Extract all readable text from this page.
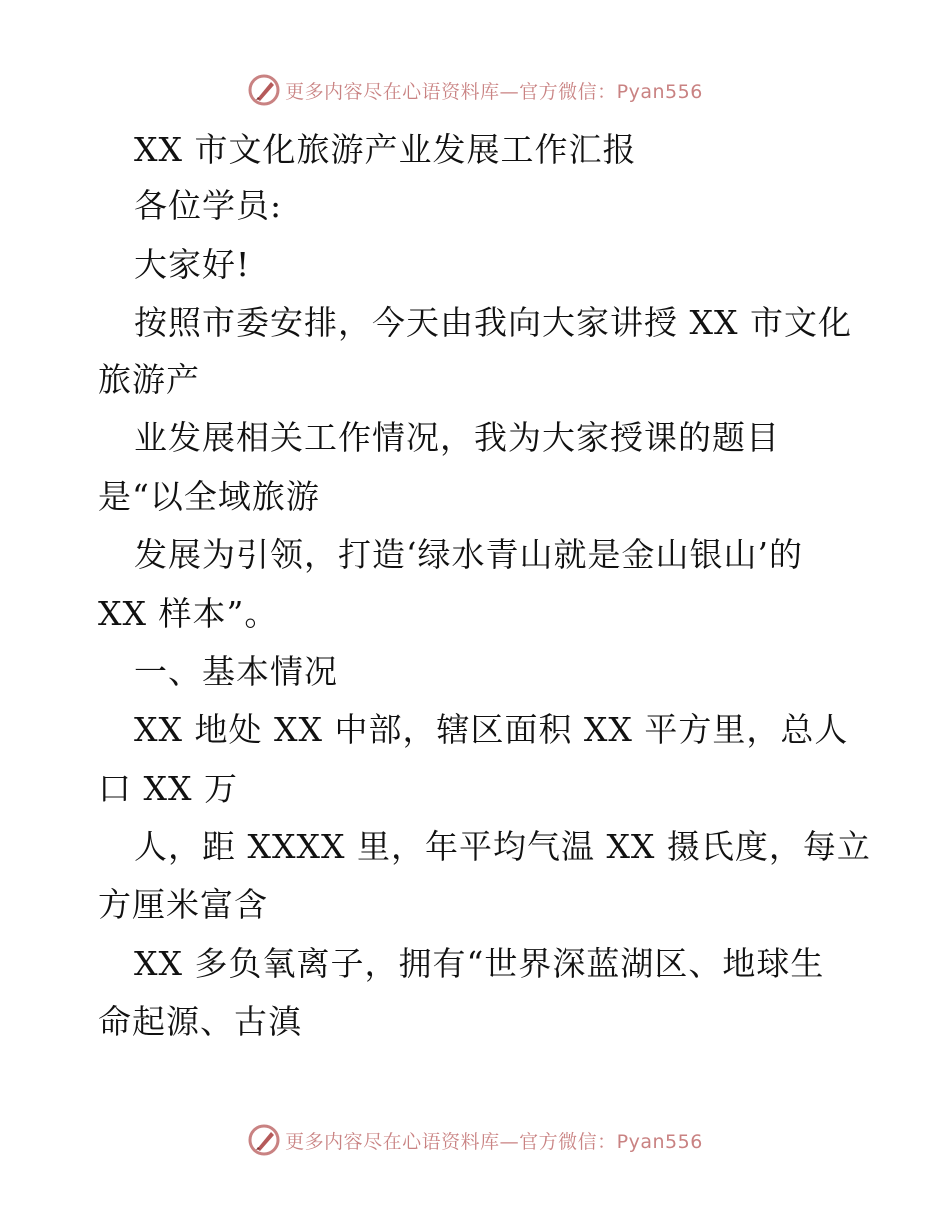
更多内容尽在心语资料库—官方微信：Pyan556
XX 市文化旅游产业发展工作汇报
各位学员:
大家好!
按照市委安排，今天由我向大家讲授 XX 市文化
旅游产
业发展相关工作情况，我为大家授课的题目
是“以全域旅游
发展为引领，打造‘绿水青山就是金山银山’的
XX 样本”。
一、基本情况
XX 地处 XX 中部，辖区面积 XX 平方里，总人
口 XX 万
人，距 XXXX 里，年平均气温 XX 摄氏度，每立
方厘米富含
XX 多负氧离子，拥有“世界深蓝湖区、地球生
命起源、古滇
更多内容尽在心语资料库—官方微信：Pyan556
